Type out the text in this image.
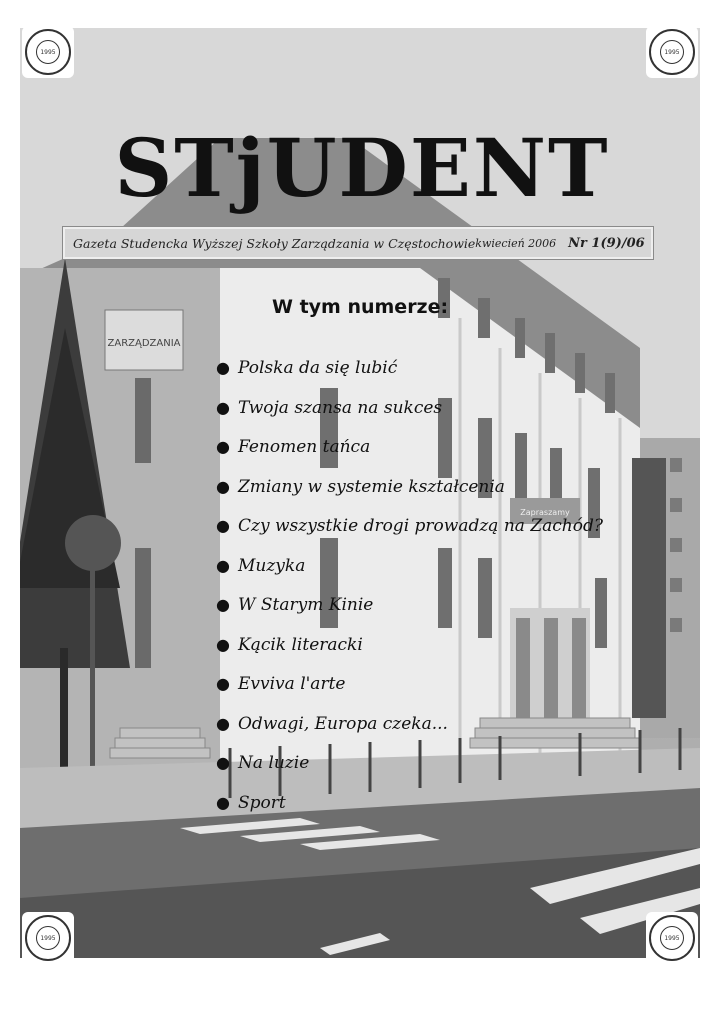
ZARZĄDZANIA
Zapraszamy
1995	1995
1995	1995
STjUDENT
Gazeta Studencka Wyższej Szkoły Zarządzania w Częstochowie kwiecień 2006 Nr 1(9)/06
W tym numerze:
● Polska da się lubić
● Twoja szansa na sukces
● Fenomen tańca
● Zmiany w systemie kształcenia
● Czy wszystkie drogi prowadzą na Zachód?
● Muzyka
● W Starym Kinie
● Kącik literacki
● Evviva l'arte
● Odwagi, Europa czeka...
● Na luzie
● Sport
